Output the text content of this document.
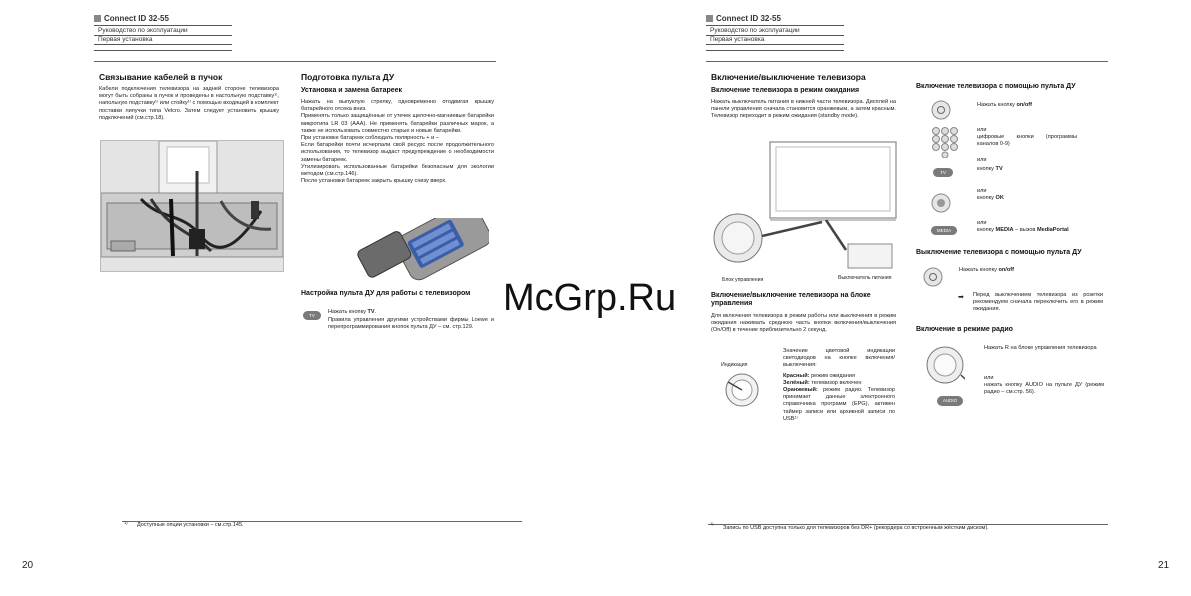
Connect ID 32-55
Руководство по эксплуатации
Первая установка
Связывание кабелей в пучок
Кабели подключения телевизора на задней стороне телевизора могут быть собраны в пучок и проведены в настольную подставку¹⁾, напольную подставку¹⁾ или стойку¹⁾ с помощью входящей в комплект поставки липучки типа Velcro. Затем следует установить крышку подключений (см.стр.18).
Подготовка пульта ДУ
Установка и замена батареек
Нажать на выпуклую стрелку, одновременно отодвигая крышку батарейного отсека вниз.
Применять только защищённые от утечек щелочно-магниевые батарейки микротипа LR 03 (AAA). Не применять батарейки различных марок, а также не использовать совместно старые и новые батарейки.
При установке батареек соблюдать полярность + и –
Если батарейки почти исчерпали свой ресурс после продолжительного использования, то телевизор выдаст предупреждение о необходимости замены батареек.
Утилизировать использованные батарейки безопасным для экологии методом (см.стр.146).
После установки батареек закрыть крышку снизу вверх.
Настройка пульта ДУ для работы с телевизором
TV
Нажать кнопку TV.
Правила управления другими устройствами фирмы Loewe и перепрограммирования кнопок пульта ДУ – см. стр.129.
1) Доступные опции установки – см.стр.145.
20
Connect ID 32-55
Руководство по эксплуатации
Первая установка
Включение/выключение телевизора
Включение телевизора в режим ожидания
Нажать выключатель питания в нижней части телевизора. Дисплей на панели управления сначала становится оранжевым, а затем красным. Телевизор переходит в режим ожидания (standby mode).
Блок управления	Выключатель питания
Включение/выключение телевизора на блоке управления
Для включения телевизора в режим работы или выключения в режим ожидания нажимать среднюю часть кнопки включения/выключения (On/Off) в течение приблизительно 2 секунд.
Индикация
Значение цветовой индикации светодиодов на кнопке включения/выключения:
Красный: режим ожидания
Зелёный: телевизор включен
Оранжевый: режим радио. Телевизор принимает данные электронного справочника программ (EPG), активен таймер записи или архивной записи по USB¹⁾
Включение телевизора с помощью пульта ДУ
Нажать кнопку on/off
или
цифровые кнопки (программы каналов 0-9)
или
TV
кнопку TV
или
кнопку OK
или
MEDIA	кнопку MEDIA – вызов MediaPortal
Выключение телевизора с помощью пульта ДУ
Нажать кнопку on/off
➡ Перед выключением телевизора из розетки рекомендуем сначала переключить его в режим ожидания.
Включение в режиме радио
AUDIO
Нажать R на блоке управления телевизора
или
нажать кнопку AUDIO на пульте ДУ (режим радио – см.стр. 56).
1)
Запись по USB доступна только для телевизоров без DR+ (рекордера со встроенным жёстким диском).
21
McGrp.Ru
